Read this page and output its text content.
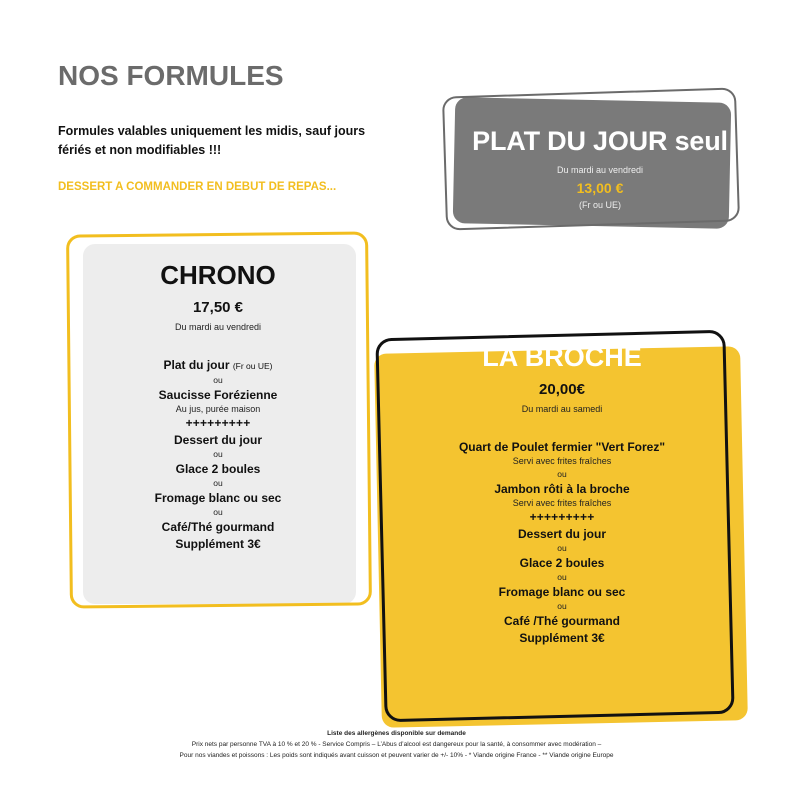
NOS FORMULES
Formules valables uniquement les midis, sauf jours fériés et non modifiables !!!
DESSERT A COMMANDER EN DEBUT DE REPAS...
PLAT DU JOUR seul
Du mardi au vendredi
13,00 €
(Fr ou UE)
CHRONO
17,50 €
Du mardi au vendredi
Plat du jour (Fr ou UE)
ou
Saucisse Forézienne
Au jus, purée maison
+++++++++
Dessert du jour
ou
Glace 2 boules
ou
Fromage blanc ou sec
ou
Café/Thé gourmand
Supplément 3€
LA BROCHE
20,00€
Du mardi au samedi
Quart de Poulet fermier "Vert Forez"
Servi avec frites fraîches
ou
Jambon rôti à la broche
Servi avec frites fraîches
+++++++++
Dessert du jour
ou
Glace 2 boules
ou
Fromage blanc ou sec
ou
Café /Thé gourmand
Supplément 3€
Liste des allergènes disponible sur demande
Prix nets par personne TVA à 10 % et 20 % - Service Compris – L’Abus d’alcool est dangereux pour la santé, à consommer avec modération –
Pour nos viandes et poissons : Les poids sont indiqués avant cuisson et peuvent varier de +/- 10% - * Viande origine France - ** Viande origine Europe
